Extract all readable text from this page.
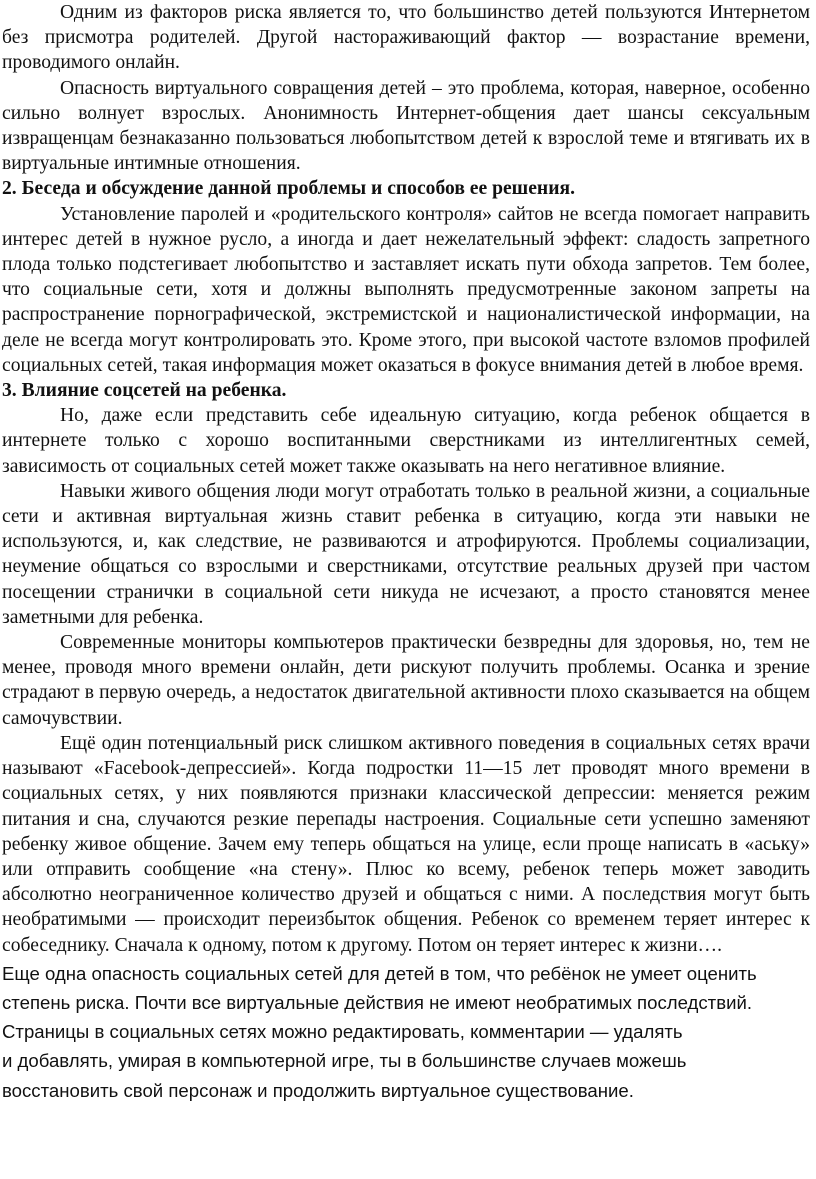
Одним из факторов риска является то, что большинство детей пользуются Интернетом без присмотра родителей. Другой настораживающий фактор — возрастание времени, проводимого онлайн.

Опасность виртуального совращения детей – это проблема, которая, наверное, особенно сильно волнует взрослых. Анонимность Интернет-общения дает шансы сексуальным извращенцам безнаказанно пользоваться любопытством детей к взрослой теме и втягивать их в виртуальные интимные отношения.

2. Беседа и обсуждение данной проблемы и способов ее решения.

Установление паролей и «родительского контроля» сайтов не всегда помогает направить интерес детей в нужное русло, а иногда и дает нежелательный эффект: сладость запретного плода только подстегивает любопытство и заставляет искать пути обхода запретов. Тем более, что социальные сети, хотя и должны выполнять предусмотренные законом запреты на распространение порнографической, экстремистской и националистической информации, на деле не всегда могут контролировать это. Кроме этого, при высокой частоте взломов профилей социальных сетей, такая информация может оказаться в фокусе внимания детей в любое время.

3. Влияние соцсетей на ребенка.

Но, даже если представить себе идеальную ситуацию, когда ребенок общается в интернете только с хорошо воспитанными сверстниками из интеллигентных семей, зависимость от социальных сетей может также оказывать на него негативное влияние.

Навыки живого общения люди могут отработать только в реальной жизни, а социальные сети и активная виртуальная жизнь ставит ребенка в ситуацию, когда эти навыки не используются, и, как следствие, не развиваются и атрофируются. Проблемы социализации, неумение общаться со взрослыми и сверстниками, отсутствие реальных друзей при частом посещении странички в социальной сети никуда не исчезают, а просто становятся менее заметными для ребенка.

Современные мониторы компьютеров практически безвредны для здоровья, но, тем не менее, проводя много времени онлайн, дети рискуют получить проблемы. Осанка и зрение страдают в первую очередь, а недостаток двигательной активности плохо сказывается на общем самочувствии.

Ещё один потенциальный риск слишком активного поведения в социальных сетях врачи называют «Facebook-депрессией». Когда подростки 11—15 лет проводят много времени в социальных сетях, у них появляются признаки классической депрессии: меняется режим питания и сна, случаются резкие перепады настроения. Социальные сети успешно заменяют ребенку живое общение. Зачем ему теперь общаться на улице, если проще написать в «аську» или отправить сообщение «на стену». Плюс ко всему, ребенок теперь может заводить абсолютно неограниченное количество друзей и общаться с ними. А последствия могут быть необратимыми — происходит переизбыток общения. Ребенок со временем теряет интерес к собеседнику. Сначала к одному, потом к другому. Потом он теряет интерес к жизни….

Еще одна опасность социальных сетей для детей в том, что ребёнок не умеет оценить
степень риска. Почти все виртуальные действия не имеют необратимых последствий.
Страницы в социальных сетях можно редактировать, комментарии — удалять
и добавлять, умирая в компьютерной игре, ты в большинстве случаев можешь
восстановить свой персонаж и продолжить виртуальное существование.
